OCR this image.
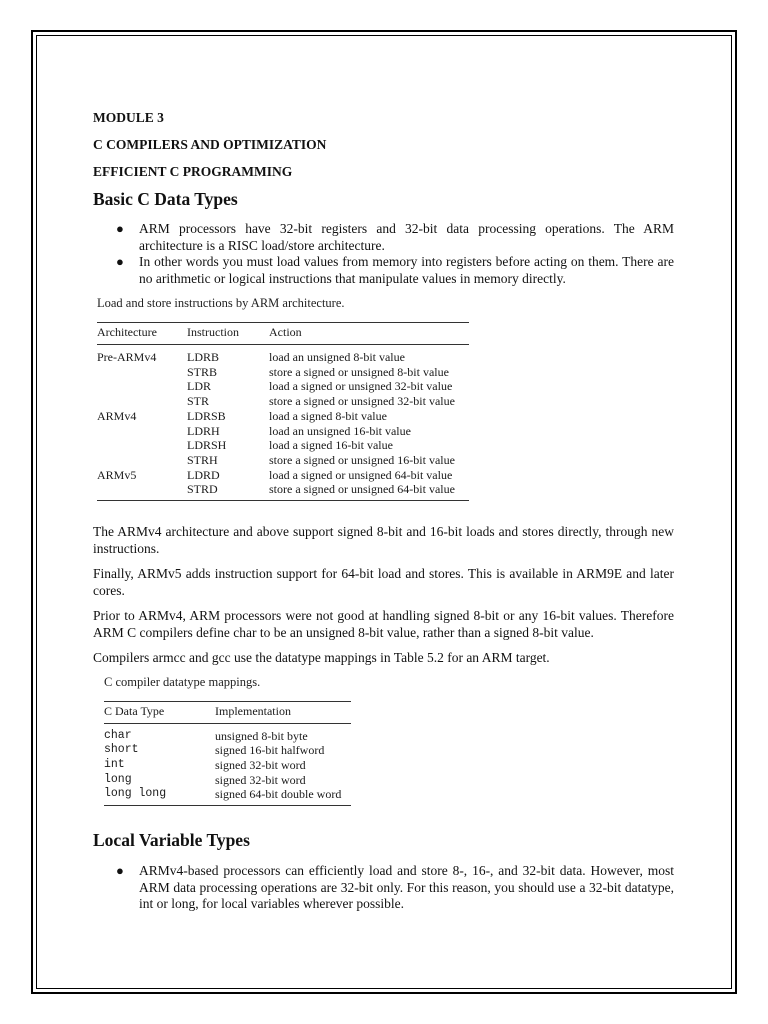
MODULE 3

C COMPILERS AND OPTIMIZATION

EFFICIENT C PROGRAMMING

Basic C Data Types

● ARM processors have 32-bit registers and 32-bit data processing operations. The ARM architecture is a RISC load/store architecture.
● In other words you must load values from memory into registers before acting on them. There are no arithmetic or logical instructions that manipulate values in memory directly.

Load and store instructions by ARM architecture.

Architecture	Instruction	Action
Pre-ARMv4	LDRB	load an unsigned 8-bit value
	STRB	store a signed or unsigned 8-bit value
	LDR	load a signed or unsigned 32-bit value
	STR	store a signed or unsigned 32-bit value
ARMv4	LDRSB	load a signed 8-bit value
	LDRH	load an unsigned 16-bit value
	LDRSH	load a signed 16-bit value
	STRH	store a signed or unsigned 16-bit value
ARMv5	LDRD	load a signed or unsigned 64-bit value
	STRD	store a signed or unsigned 64-bit value

The ARMv4 architecture and above support signed 8-bit and 16-bit loads and stores directly, through new instructions.

Finally, ARMv5 adds instruction support for 64-bit load and stores. This is available in ARM9E and later cores.

Prior to ARMv4, ARM processors were not good at handling signed 8-bit or any 16-bit values. Therefore ARM C compilers define char to be an unsigned 8-bit value, rather than a signed 8-bit value.

Compilers armcc and gcc use the datatype mappings in Table 5.2 for an ARM target.

C compiler datatype mappings.

C Data Type	Implementation
char	unsigned 8-bit byte
short	signed 16-bit halfword
int	signed 32-bit word
long	signed 32-bit word
long long	signed 64-bit double word

Local Variable Types

● ARMv4-based processors can efficiently load and store 8-, 16-, and 32-bit data. However, most ARM data processing operations are 32-bit only. For this reason, you should use a 32-bit datatype, int or long, for local variables wherever possible.
